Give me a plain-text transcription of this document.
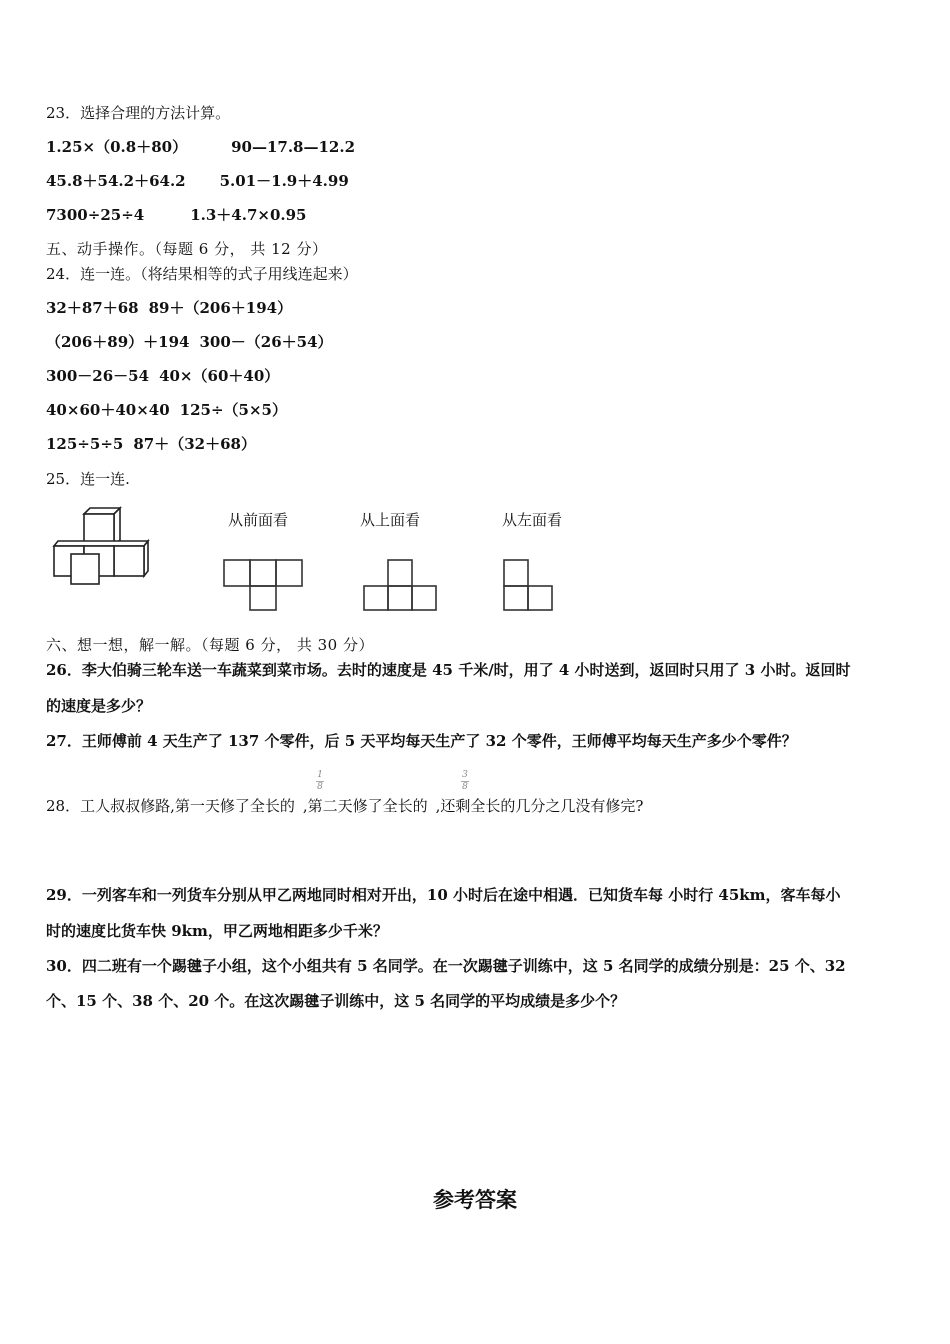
23．选择合理的方法计算。
1.25×（0.8＋80）	90—17.8—12.2
45.8＋54.2＋64.2 5.01－1.9＋4.99
7300÷25÷4	1.3＋4.7×0.95
五、动手操作。（每题 6 分， 共 12 分）
24．连一连。（将结果相等的式子用线连起来）
32＋87＋68 89＋（206＋194）
（206＋89）＋194 300－（26＋54）
300－26－54 40×（60＋40）
40×60＋40×40 125÷（5×5）
125÷5÷5 87＋（32＋68）
25．连一连.
从前面看	从上面看	从左面看
六、想一想，解一解。（每题 6 分， 共 30 分）
26．李大伯骑三轮车送一车蔬菜到菜市场。去时的速度是 45 千米/时，用了 4 小时送到，返回时只用了 3 小时。返回时
的速度是多少？
27．王师傅前 4 天生产了 137 个零件，后 5 天平均每天生产了 32 个零件，王师傅平均每天生产多少个零件？
28．工人叔叔修路,第一天修了全长的 ,第二天修了全长的 ,还剩全长的几分之几没有修完?
1
8
3
8
29．一列客车和一列货车分别从甲乙两地同时相对开出，10 小时后在途中相遇．已知货车每 小时行 45km，客车每小
时的速度比货车快 9km，甲乙两地相距多少千米？
30．四二班有一个踢毽子小组，这个小组共有 5 名同学。在一次踢毽子训练中，这 5 名同学的成绩分别是：25 个、32
个、15 个、38 个、20 个。在这次踢毽子训练中，这 5 名同学的平均成绩是多少个？
参考答案
